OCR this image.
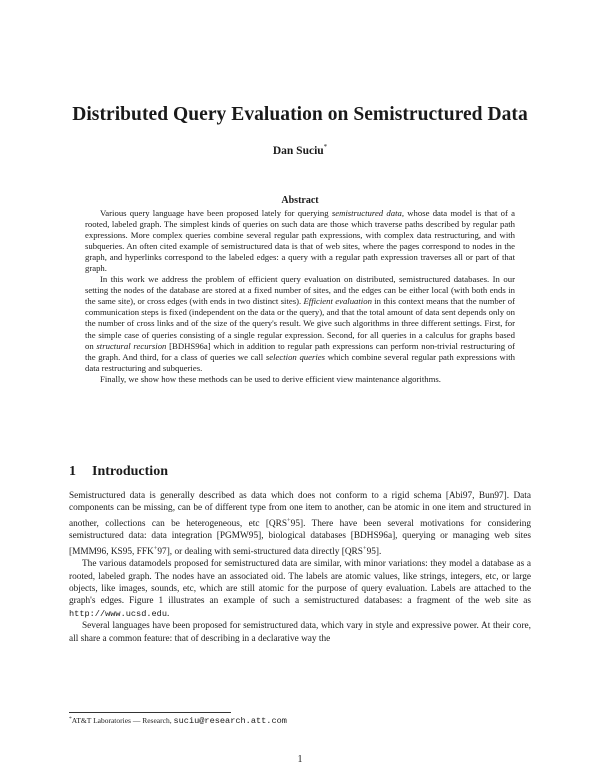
Distributed Query Evaluation on Semistructured Data
Dan Suciu*
Abstract

Various query language have been proposed lately for querying semistructured data, whose data model is that of a rooted, labeled graph. The simplest kinds of queries on such data are those which traverse paths described by regular path expressions. More complex queries combine several regular path expressions, with complex data restructuring, and with subqueries. An often cited example of semistructured data is that of web sites, where the pages correspond to nodes in the graph, and hyperlinks correspond to the labeled edges: a query with a regular path expression traverses all or part of that graph.

In this work we address the problem of efficient query evaluation on distributed, semistructured databases. In our setting the nodes of the database are stored at a fixed number of sites, and the edges can be either local (with both ends in the same site), or cross edges (with ends in two distinct sites). Efficient evaluation in this context means that the number of communication steps is fixed (independent on the data or the query), and that the total amount of data sent depends only on the number of cross links and of the size of the query's result. We give such algorithms in three different settings. First, for the simple case of queries consisting of a single regular expression. Second, for all queries in a calculus for graphs based on structural recursion [BDHS96a] which in addition to regular path expressions can perform non-trivial restructuring of the graph. And third, for a class of queries we call selection queries which combine several regular path expressions with data restructuring and subqueries.

Finally, we show how these methods can be used to derive efficient view maintenance algorithms.

1 Introduction

Semistructured data is generally described as data which does not conform to a rigid schema [Abi97, Bun97]. Data components can be missing, can be of different type from one item to another, can be atomic in one item and structured in another, collections can be heterogeneous, etc [QRS+95]. There have been several motivations for considering semistructured data: data integration [PGMW95], biological databases [BDHS96a], querying or managing web sites [MMM96, KS95, FFK+97], or dealing with semi-structured data directly [QRS+95].

The various datamodels proposed for semistructured data are similar, with minor variations: they model a database as a rooted, labeled graph. The nodes have an associated oid. The labels are atomic values, like strings, integers, etc, or large objects, like images, sounds, etc, which are still atomic for the purpose of query evaluation. Labels are attached to the graph's edges. Figure 1 illustrates an example of such a semistructured databases: a fragment of the web site as http://www.ucsd.edu.

Several languages have been proposed for semistructured data, which vary in style and expressive power. At their core, all share a common feature: that of describing in a declarative way the

*AT&T Laboratories — Research, suciu@research.att.com
1
